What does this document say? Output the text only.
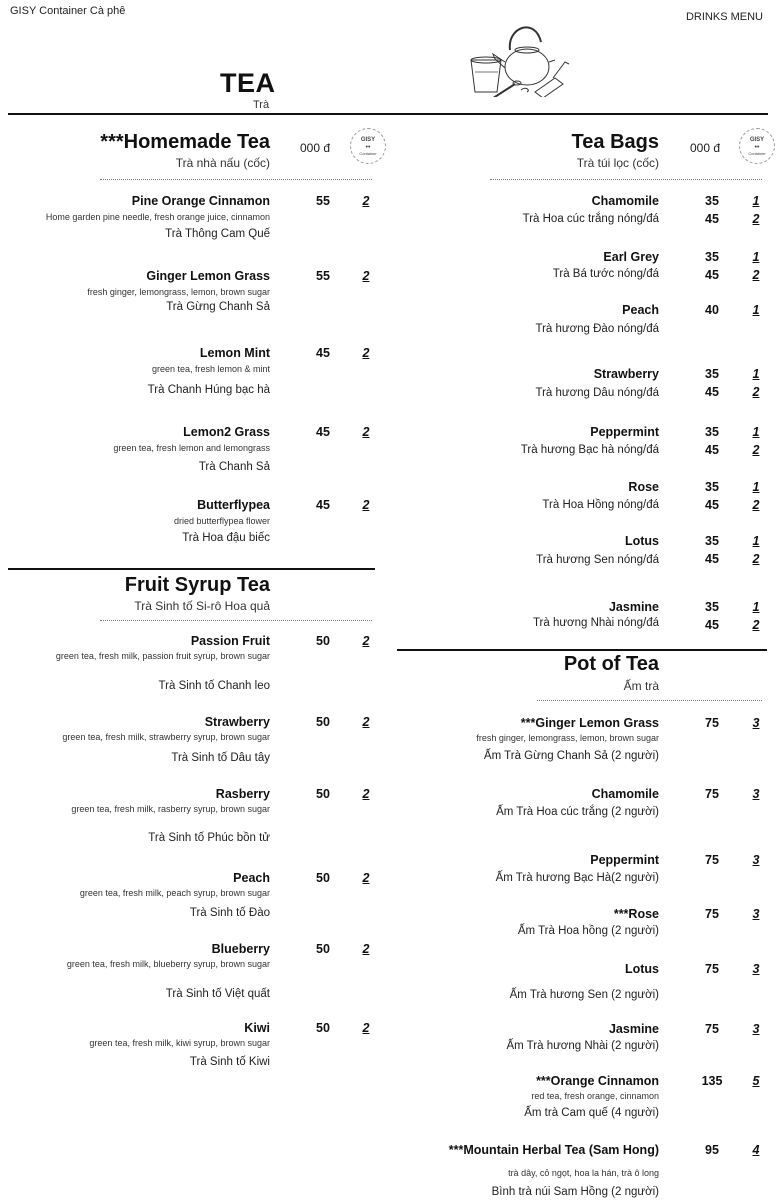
GISY Container Cà phê	DRINKS MENU
TEA
Trà
***Homemade Tea
Trà nhà nấu (cốc)
000 đ
GISY
••
Container
Pine Orange Cinnamon
Home garden pine needle, fresh orange juice, cinnamon
Trà Thông Cam Quế
55	2
Ginger Lemon Grass
fresh ginger, lemongrass, lemon, brown sugar
Trà Gừng Chanh Sả
55	2
Lemon Mint
green tea, fresh lemon & mint
Trà Chanh Húng bạc hà
45	2
Lemon2 Grass
green tea, fresh lemon and lemongrass
Trà Chanh Sả
45	2
Butterflypea
dried butterflypea flower
Trà Hoa đậu biếc
45	2
Fruit Syrup Tea
Trà Sinh tố Si-rô Hoa quả
Passion Fruit
green tea, fresh milk, passion fruit syrup, brown sugar
Trà Sinh tố Chanh leo
50	2
Strawberry
green tea, fresh milk, strawberry syrup, brown sugar
Trà Sinh tố Dâu tây
50	2
Rasberry
green tea, fresh milk, rasberry syrup, brown sugar
Trà Sinh tố Phúc bồn tử
50	2
Peach
green tea, fresh milk, peach syrup, brown sugar
Trà Sinh tố Đào
50	2
Blueberry
green tea, fresh milk, blueberry syrup, brown sugar
Trà Sinh tố Việt quất
50	2
Kiwi
green tea, fresh milk, kiwi syrup, brown sugar
Trà Sinh tố Kiwi
50	2
Tea Bags
Trà túi lọc (cốc)
000 đ
GISY
••
Container
Chamomile
Trà Hoa cúc trắng nóng/đá
35	1
45	2
Earl Grey
Trà Bá tước nóng/đá
35	1
45	2
Peach
Trà hương Đào nóng/đá
40	1
Strawberry
Trà hương Dâu nóng/đá
35	1
45	2
Peppermint
Trà hương Bạc hà nóng/đá
35	1
45	2
Rose
Trà Hoa Hồng nóng/đá
35	1
45	2
Lotus
Trà hương Sen nóng/đá
35	1
45	2
Jasmine
Trà hương Nhài nóng/đá
35	1
45	2
Pot of Tea
Ấm trà
***Ginger Lemon Grass
fresh ginger, lemongrass, lemon, brown sugar
Ấm Trà Gừng Chanh Sả (2 người)
75	3
Chamomile
Ấm Trà Hoa cúc trắng (2 người)
75	3
Peppermint
Ấm Trà hương Bạc Hà(2 người)
75	3
***Rose
Ấm Trà Hoa hồng (2 người)
75	3
Lotus
Ấm Trà hương Sen (2 người)
75	3
Jasmine
Ấm Trà hương Nhài (2 người)
75	3
***Orange Cinnamon
red tea, fresh orange, cinnamon
Ấm trà Cam quế (4 người)
135	5
***Mountain Herbal Tea (Sam Hong)
trà dây, cỏ ngọt, hoa la hán, trà ô long
Bình trà núi Sam Hồng (2 người)
95	4
